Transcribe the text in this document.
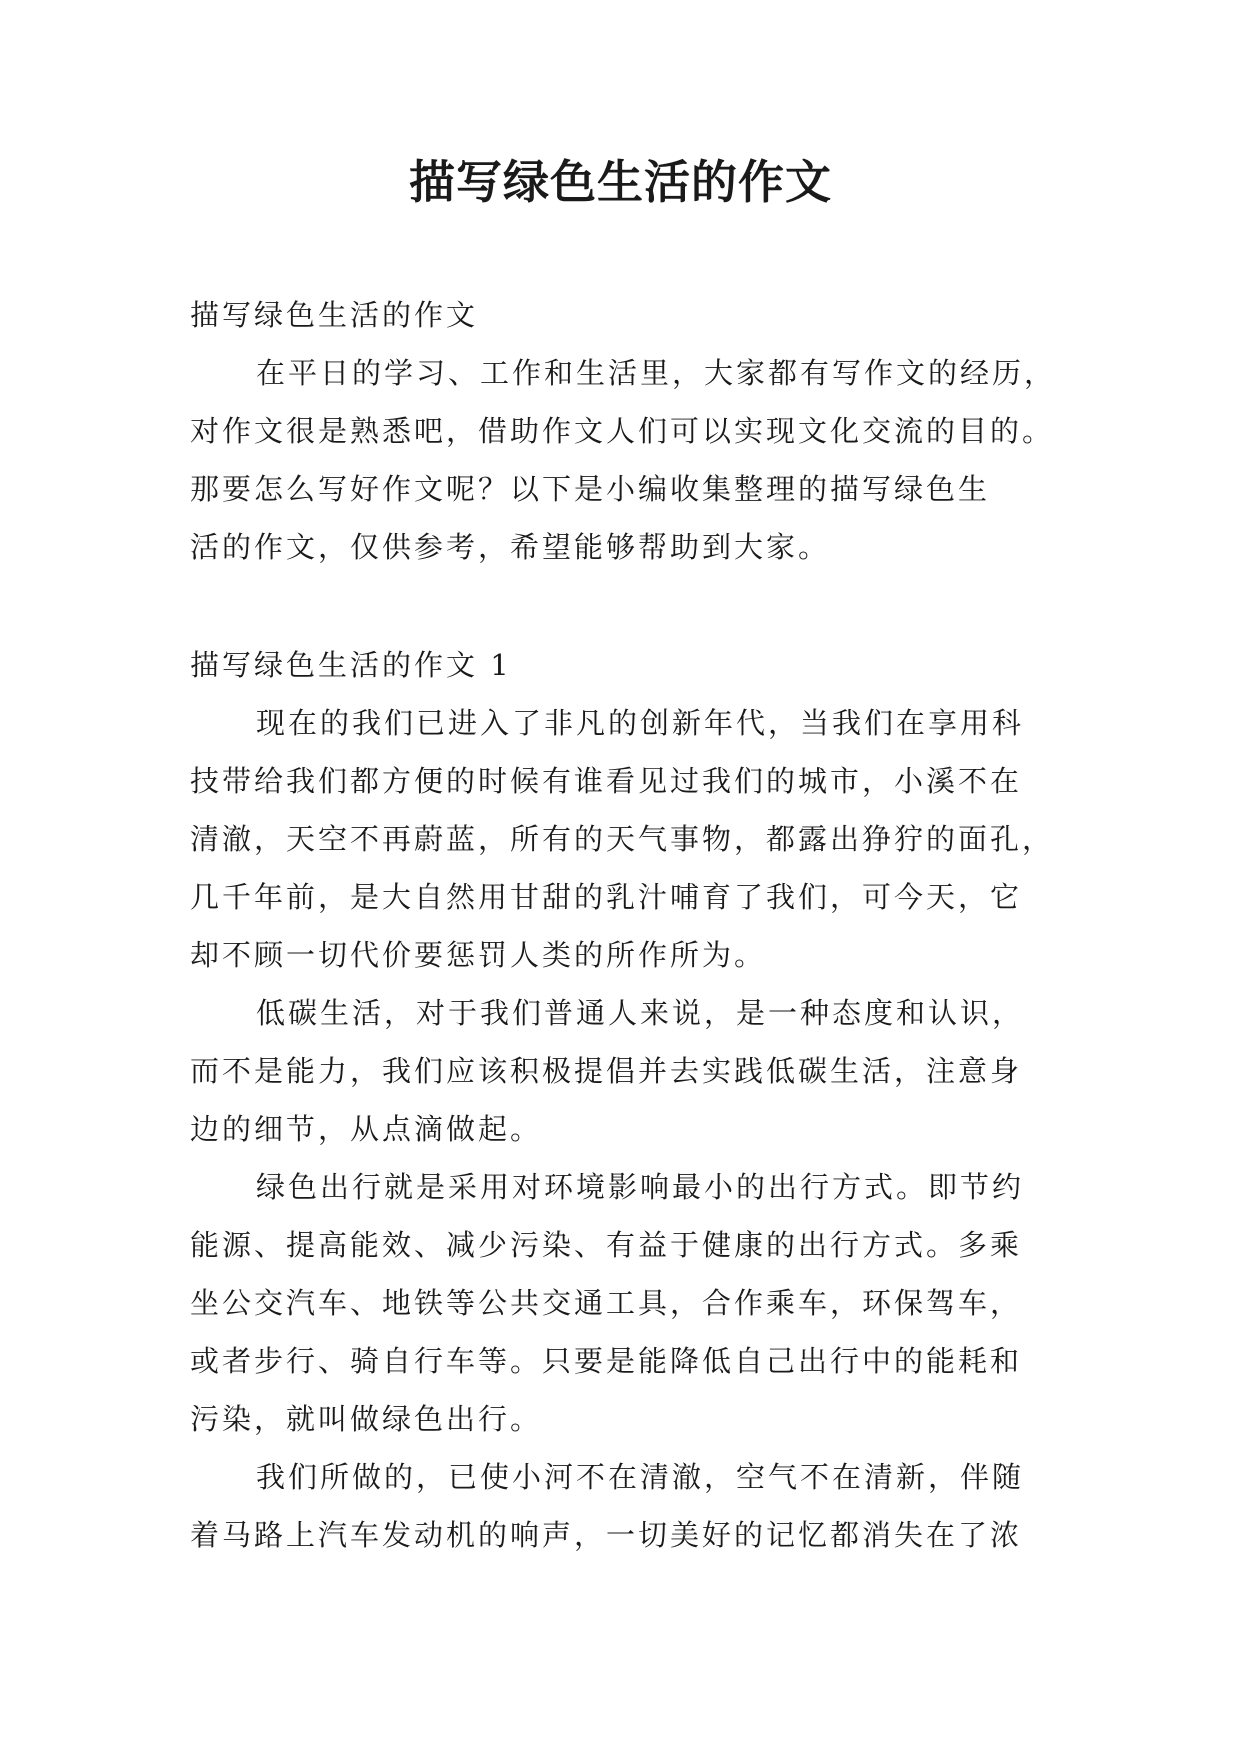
描写绿色生活的作文

描写绿色生活的作文

在平日的学习、工作和生活里，大家都有写作文的经历，

对作文很是熟悉吧，借助作文人们可以实现文化交流的目的。

那要怎么写好作文呢？以下是小编收集整理的描写绿色生

活的作文，仅供参考，希望能够帮助到大家。

描写绿色生活的作文 1

现在的我们已进入了非凡的创新年代，当我们在享用科

技带给我们都方便的时候有谁看见过我们的城市，小溪不在

清澈，天空不再蔚蓝，所有的天气事物，都露出狰狞的面孔，

几千年前，是大自然用甘甜的乳汁哺育了我们，可今天，它

却不顾一切代价要惩罚人类的所作所为。

低碳生活，对于我们普通人来说，是一种态度和认识，

而不是能力，我们应该积极提倡并去实践低碳生活，注意身

边的细节，从点滴做起。

绿色出行就是采用对环境影响最小的出行方式。即节约

能源、提高能效、减少污染、有益于健康的出行方式。多乘

坐公交汽车、地铁等公共交通工具，合作乘车，环保驾车，

或者步行、骑自行车等。只要是能降低自己出行中的能耗和

污染，就叫做绿色出行。

我们所做的，已使小河不在清澈，空气不在清新，伴随

着马路上汽车发动机的响声，一切美好的记忆都消失在了浓
